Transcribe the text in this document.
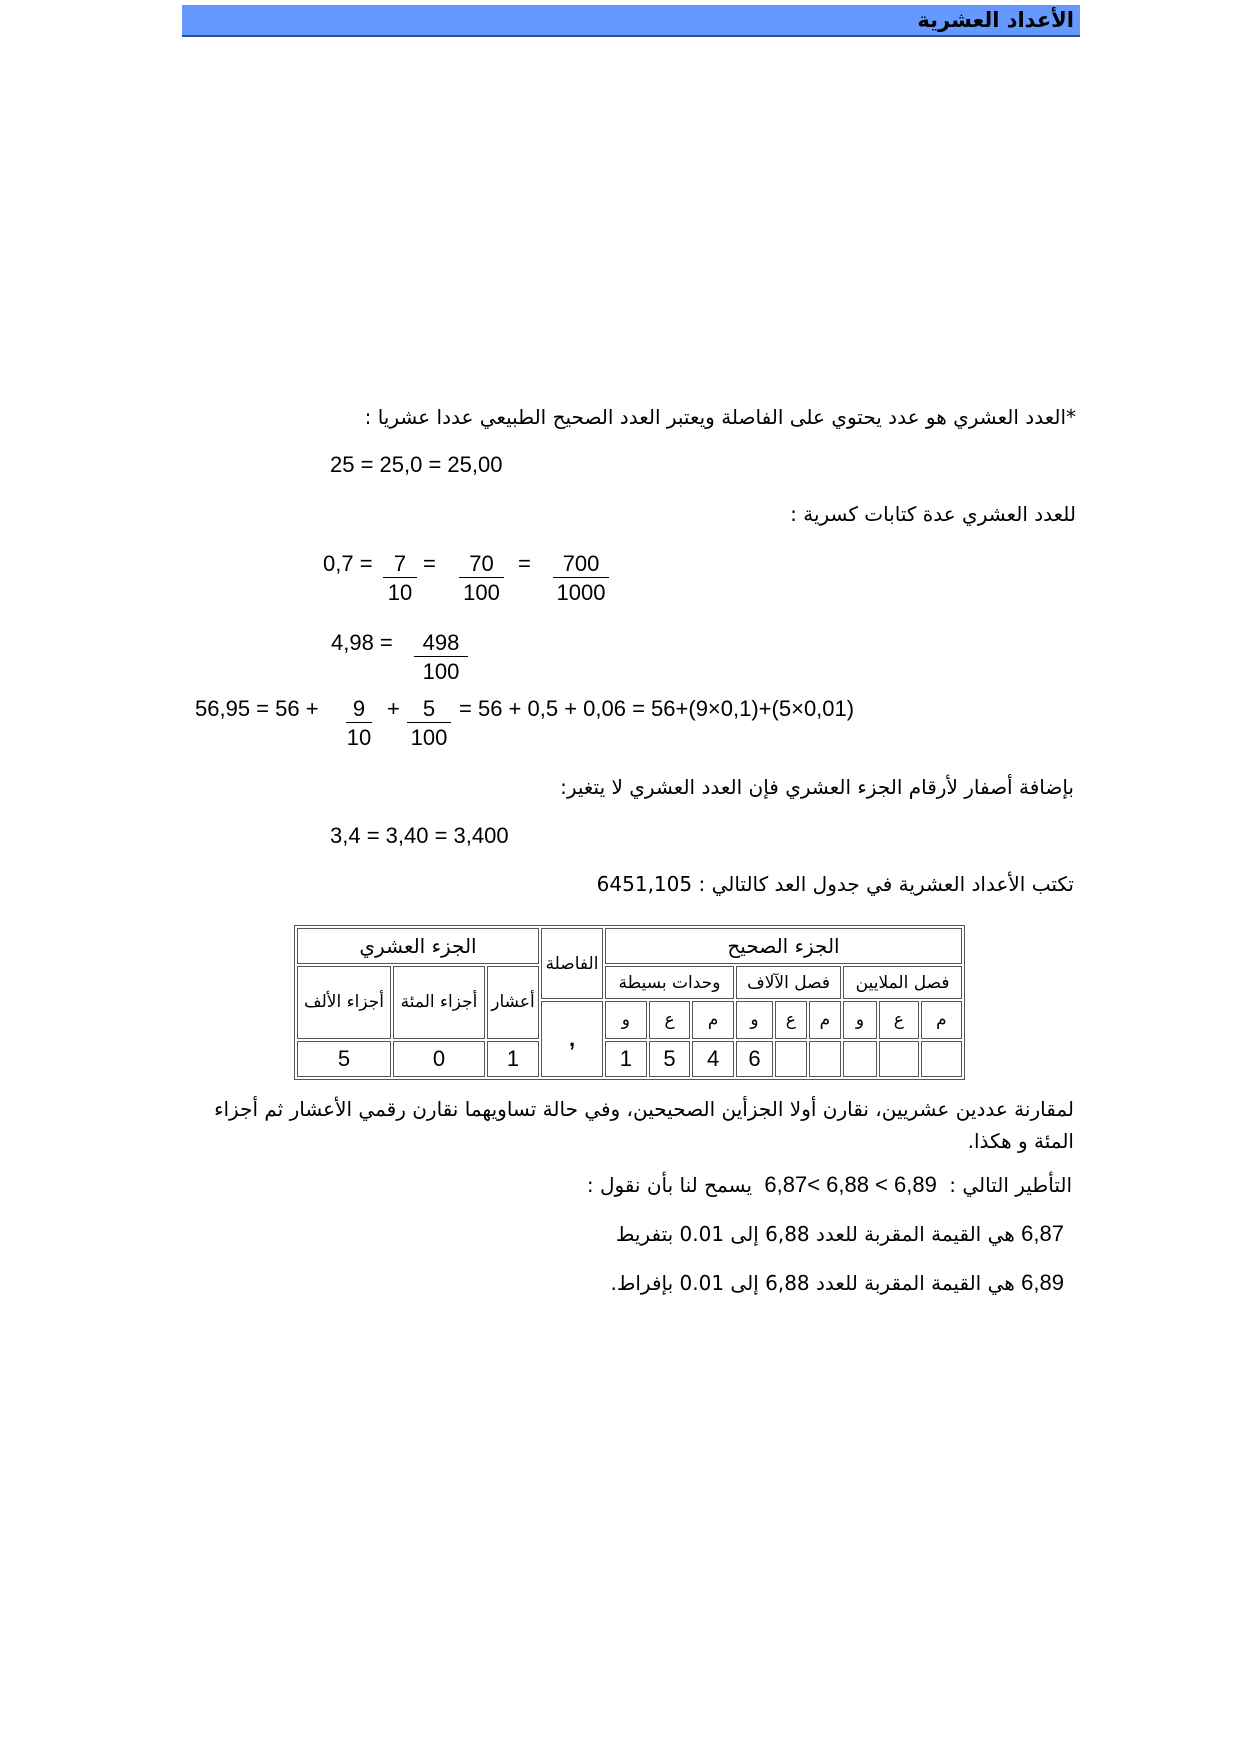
الأعداد العشرية
*العدد العشري هو عدد يحتوي على الفاصلة ويعتبر العدد الصحيح الطبيعي عددا عشريا :
25 = 25,0 = 25,00
للعدد العشري عدة كتابات كسرية :
$0,7 = \frac{7}{10} = \frac{70}{100} = \frac{700}{1000}$
$4,98 = \frac{498}{100}$
$56,95 = 56 + \frac{9}{10} + \frac{5}{100} = 56 + 0,5 + 0,06 = 56+(9\times 0,1)+(5\times 0,01)$
بإضافة أصفار لأرقام الجزء العشري فإن العدد العشري لا يتغير:
3,4 = 3,40 = 3,400
تكتب الأعداد العشرية في جدول العد كالتالي : 6451,105
الجزء الصحيح									الفاصلة	الجزء العشري		
فصل الملايين			فصل الآلاف			وحدات بسيطة				أعشار	أجزاء المئة	أجزاء الألف
م	ع	و	م	ع	و	م	ع	و	,			
					6	4	5	1		1	0	5
لمقارنة عددين عشريين، نقارن أولا الجزأين الصحيحين، وفي حالة تساويهما نقارن رقمي الأعشار ثم أجزاء المئة و هكذا.
التأطير التالي : 6,87< 6,88 < 6,89 يسمح لنا بأن نقول :
6,87 هي القيمة المقربة للعدد 6,88 إلى 0.01 بتفريط
6,89 هي القيمة المقربة للعدد 6,88 إلى 0.01 بإفراط.
